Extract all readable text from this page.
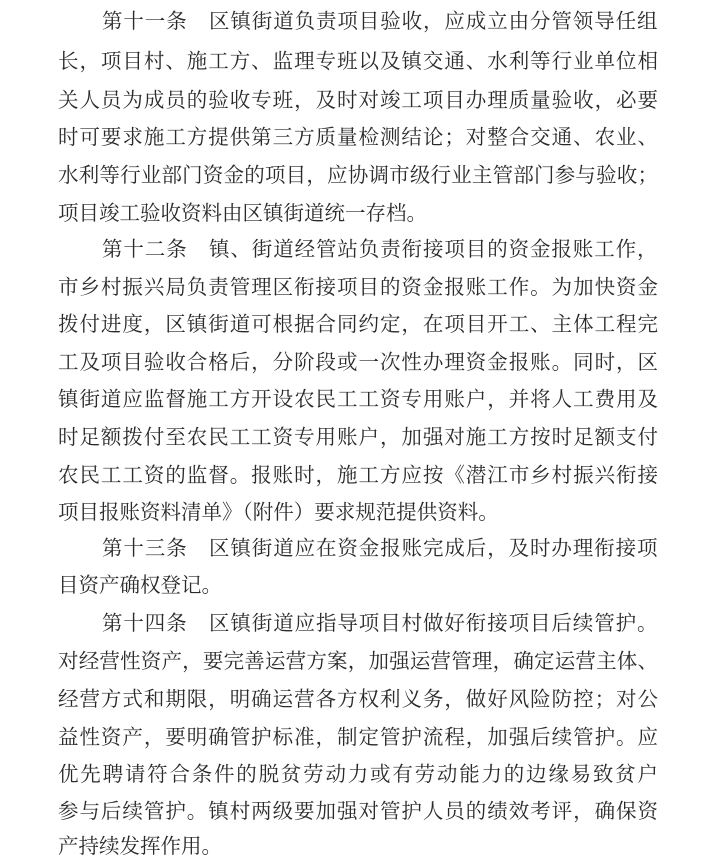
第十一条　区镇街道负责项目验收，应成立由分管领导任组
长，项目村、施工方、监理专班以及镇交通、水利等行业单位相
关人员为成员的验收专班，及时对竣工项目办理质量验收，必要
时可要求施工方提供第三方质量检测结论；对整合交通、农业、
水利等行业部门资金的项目，应协调市级行业主管部门参与验收；
项目竣工验收资料由区镇街道统一存档。
第十二条　镇、街道经管站负责衔接项目的资金报账工作，
市乡村振兴局负责管理区衔接项目的资金报账工作。为加快资金
拨付进度，区镇街道可根据合同约定，在项目开工、主体工程完
工及项目验收合格后，分阶段或一次性办理资金报账。同时，区
镇街道应监督施工方开设农民工工资专用账户，并将人工费用及
时足额拨付至农民工工资专用账户，加强对施工方按时足额支付
农民工工资的监督。报账时，施工方应按《潜江市乡村振兴衔接
项目报账资料清单》（附件）要求规范提供资料。
第十三条　区镇街道应在资金报账完成后，及时办理衔接项
目资产确权登记。
第十四条　区镇街道应指导项目村做好衔接项目后续管护。
对经营性资产，要完善运营方案，加强运营管理，确定运营主体、
经营方式和期限，明确运营各方权利义务，做好风险防控；对公
益性资产，要明确管护标准，制定管护流程，加强后续管护。应
优先聘请符合条件的脱贫劳动力或有劳动能力的边缘易致贫户
参与后续管护。镇村两级要加强对管护人员的绩效考评，确保资
产持续发挥作用。
